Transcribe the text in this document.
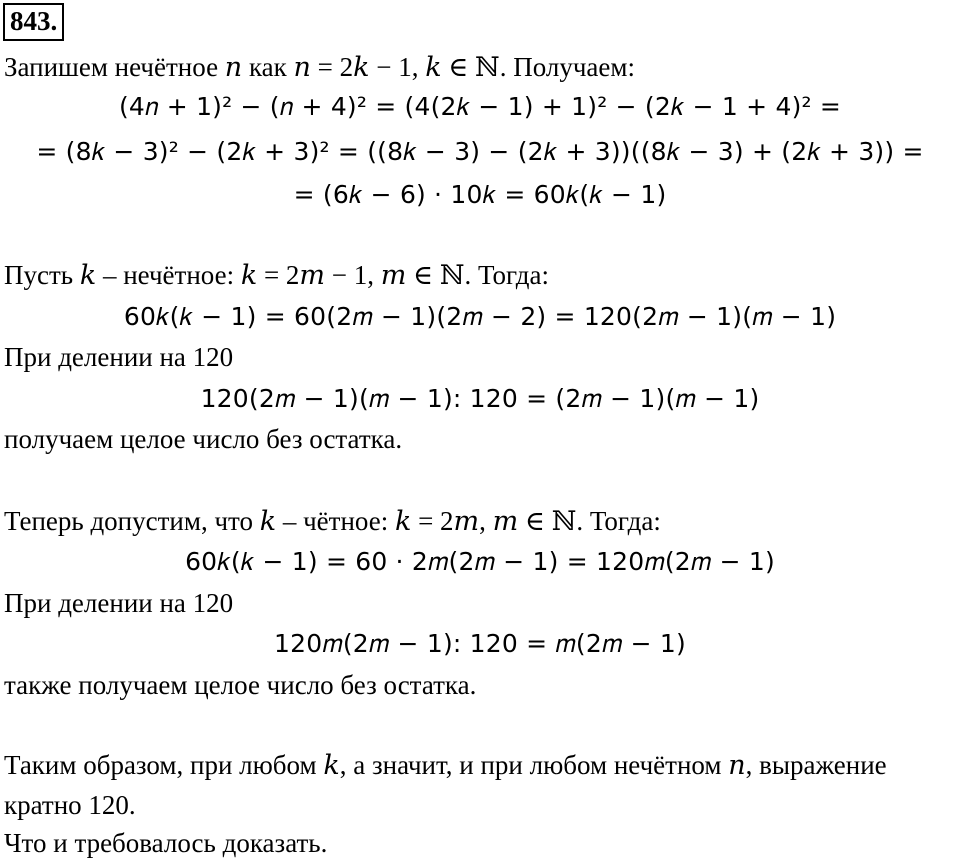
843.
Запишем нечётное 𝑛 как 𝑛 = 2𝑘 − 1, 𝑘 ∈ ℕ. Получаем:
(4𝑛 + 1)² − (𝑛 + 4)² = (4(2𝑘 − 1) + 1)² − (2𝑘 − 1 + 4)² =
= (8𝑘 − 3)² − (2𝑘 + 3)² = ((8𝑘 − 3) − (2𝑘 + 3))((8𝑘 − 3) + (2𝑘 + 3)) =
= (6𝑘 − 6) ⋅ 10𝑘 = 60𝑘(𝑘 − 1)
Пусть 𝑘 – нечётное: 𝑘 = 2𝑚 − 1, 𝑚 ∈ ℕ. Тогда:
60𝑘(𝑘 − 1) = 60(2𝑚 − 1)(2𝑚 − 2) = 120(2𝑚 − 1)(𝑚 − 1)
При делении на 120
120(2𝑚 − 1)(𝑚 − 1): 120 = (2𝑚 − 1)(𝑚 − 1)
получаем целое число без остатка.
Теперь допустим, что 𝑘 – чётное: 𝑘 = 2𝑚, 𝑚 ∈ ℕ. Тогда:
60𝑘(𝑘 − 1) = 60 ⋅ 2𝑚(2𝑚 − 1) = 120𝑚(2𝑚 − 1)
При делении на 120
120𝑚(2𝑚 − 1): 120 = 𝑚(2𝑚 − 1)
также получаем целое число без остатка.
Таким образом, при любом 𝑘, а значит, и при любом нечётном 𝑛, выражение
кратно 120.
Что и требовалось доказать.
